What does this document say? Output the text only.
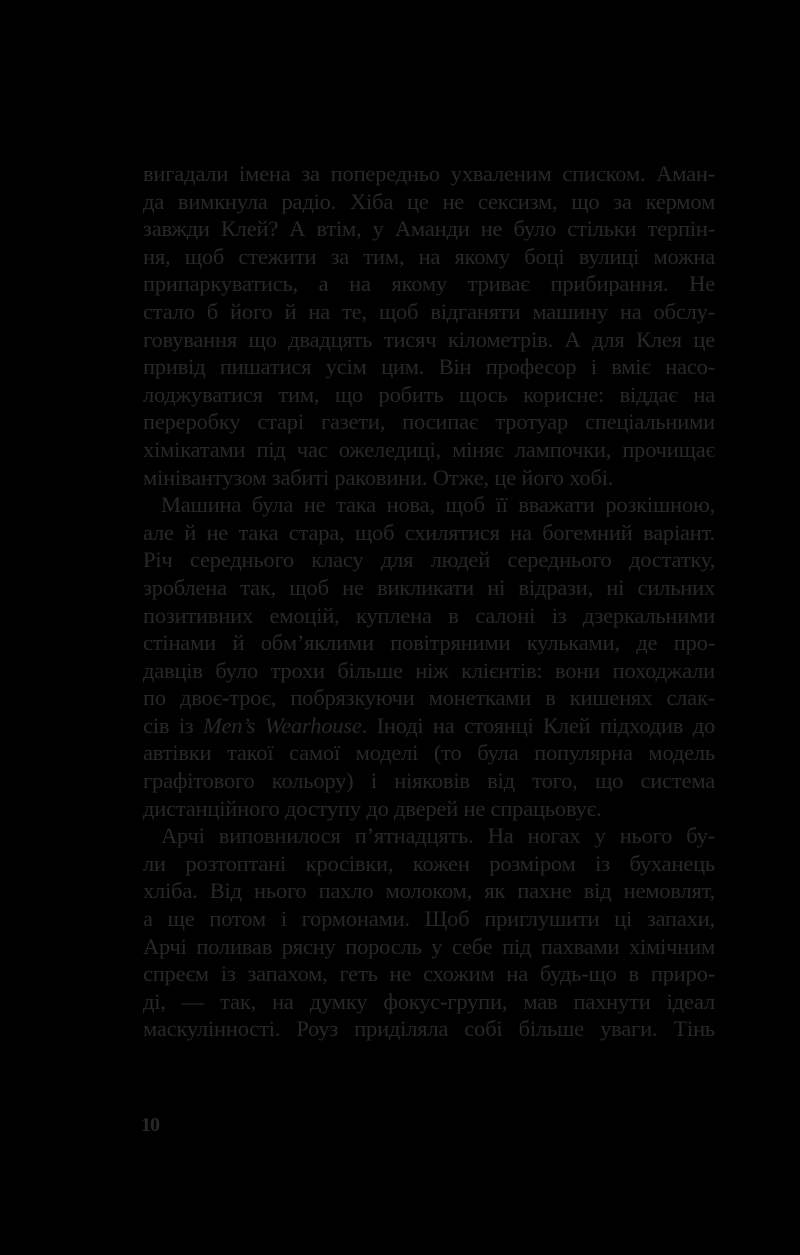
вигадали імена за попередньо ухваленим списком. Аман-
да вимкнула радіо. Хіба це не сексизм, що за кермом
завжди Клей? А втім, у Аманди не було стільки терпін-
ня, щоб стежити за тим, на якому боці вулиці можна
припаркуватись, а на якому триває прибирання. Не
стало б його й на те, щоб відганяти машину на обслу-
говування що двадцять тисяч кілометрів. А для Клея це
привід пишатися усім цим. Він професор і вміє насо-
лоджуватися тим, що робить щось корисне: віддає на
переробку старі газети, посипає тротуар спеціальними
хімікатами під час ожеледиці, міняє лампочки, прочищає
мінівантузом забиті раковини. Отже, це його хобі.
Машина була не така нова, щоб її вважати розкішною,
але й не така стара, щоб схилятися на богемний варіант.
Річ середнього класу для людей середнього достатку,
зроблена так, щоб не викликати ні відрази, ні сильних
позитивних емоцій, куплена в салоні із дзеркальними
стінами й обм’яклими повітряними кульками, де про-
давців було трохи більше ніж клієнтів: вони походжали
по двоє-троє, побрязкуючи монетками в кишенях слак-
сів із Men’s Wearhouse. Іноді на стоянці Клей підходив до
автівки такої самої моделі (то була популярна модель
графітового кольору) і ніяковів від того, що система
дистанційного доступу до дверей не спрацьовує.
Арчі виповнилося п’ятнадцять. На ногах у нього бу-
ли розтоптані кросівки, кожен розміром із буханець
хліба. Від нього пахло молоком, як пахне від немовлят,
а ще потом і гормонами. Щоб приглушити ці запахи,
Арчі поливав рясну поросль у себе під пахвами хімічним
спреєм із запахом, геть не схожим на будь-що в приро-
ді, — так, на думку фокус-групи, мав пахнути ідеал
маскулінності. Роуз приділяла собі більше уваги. Тінь
10
